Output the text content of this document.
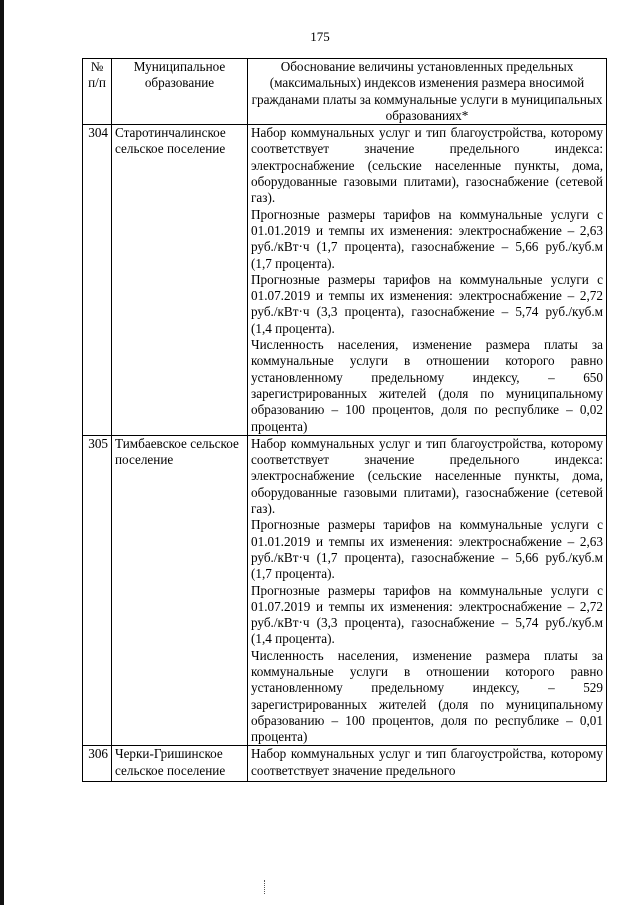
175
№ п/п	Муниципальное образование	Обоснование величины установленных предельных (максимальных) индексов изменения размера вносимой гражданами платы за коммунальные услуги в муниципальных образованиях*
304	Старотинчалинское сельское поселение	Набор коммунальных услуг и тип благоустройства, которому соответствует значение предельного индекса: электроснабжение (сельские населенные пункты, дома, оборудованные газовыми плитами), газоснабжение (сетевой газ).
Прогнозные размеры тарифов на коммунальные услуги с 01.01.2019 и темпы их изменения: электроснабжение – 2,63 руб./кВт·ч (1,7 процента), газоснабжение – 5,66 руб./куб.м (1,7 процента).
Прогнозные размеры тарифов на коммунальные услуги с 01.07.2019 и темпы их изменения: электроснабжение – 2,72 руб./кВт·ч (3,3 процента), газоснабжение – 5,74 руб./куб.м (1,4 процента).
Численность населения, изменение размера платы за коммунальные услуги в отношении которого равно установленному предельному индексу, – 650 зарегистрированных жителей (доля по муниципальному образованию – 100 процентов, доля по республике – 0,02 процента)

305	Тимбаевское сельское поселение	Набор коммунальных услуг и тип благоустройства, которому соответствует значение предельного индекса: электроснабжение (сельские населенные пункты, дома, оборудованные газовыми плитами), газоснабжение (сетевой газ).
Прогнозные размеры тарифов на коммунальные услуги с 01.01.2019 и темпы их изменения: электроснабжение – 2,63 руб./кВт·ч (1,7 процента), газоснабжение – 5,66 руб./куб.м (1,7 процента).
Прогнозные размеры тарифов на коммунальные услуги с 01.07.2019 и темпы их изменения: электроснабжение – 2,72 руб./кВт·ч (3,3 процента), газоснабжение – 5,74 руб./куб.м (1,4 процента).
Численность населения, изменение размера платы за коммунальные услуги в отношении которого равно установленному предельному индексу, – 529 зарегистрированных жителей (доля по муниципальному образованию – 100 процентов, доля по республике – 0,01 процента)

306	Черки-Гришинское сельское поселение	Набор коммунальных услуг и тип благоустройства, которому соответствует значение предельного
